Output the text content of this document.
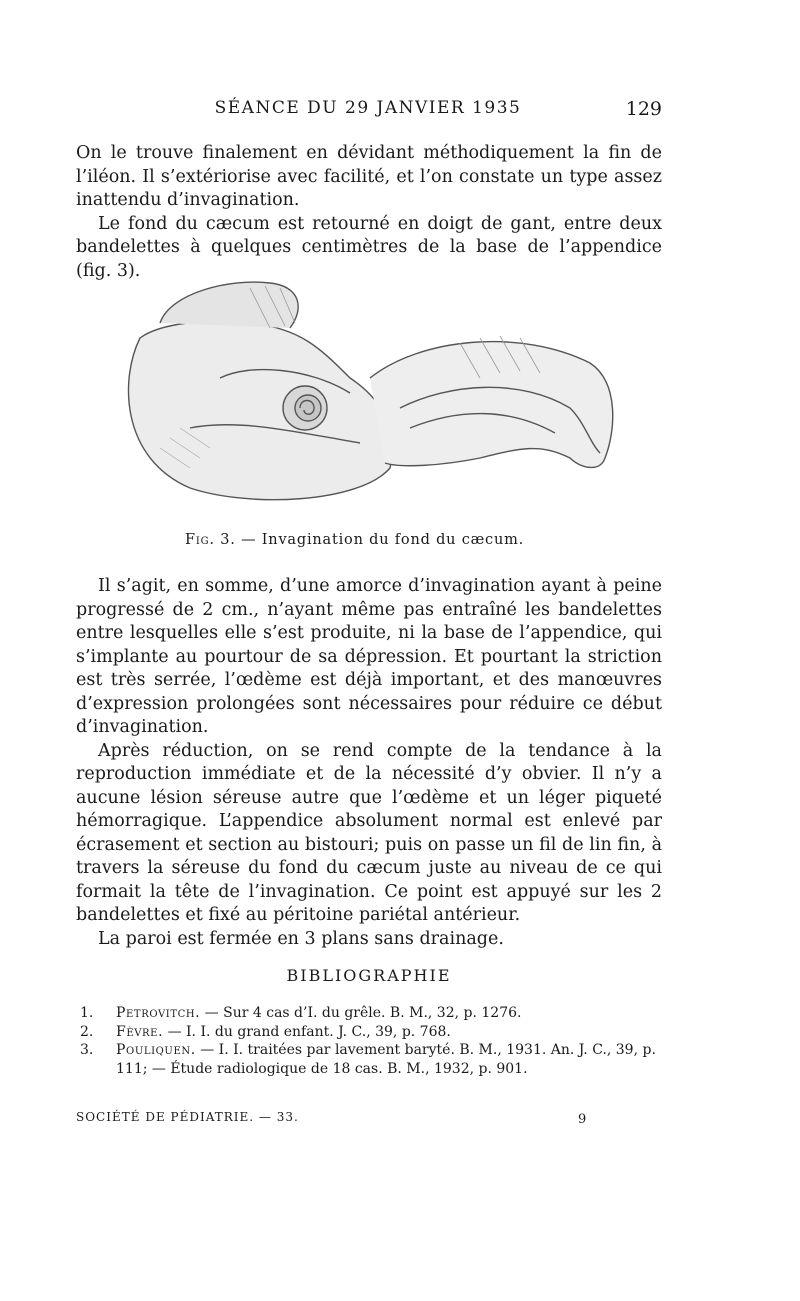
SÉANCE DU 29 JANVIER 1935	129

On le trouve finalement en dévidant méthodiquement la fin de l’iléon. Il s’extériorise avec facilité, et l’on constate un type assez inattendu d’invagination.

Le fond du cæcum est retourné en doigt de gant, entre deux bandelettes à quelques centimètres de la base de l’appendice (fig. 3).

Fig. 3. — Invagination du fond du cæcum.

Il s’agit, en somme, d’une amorce d’invagination ayant à peine progressé de 2 cm., n’ayant même pas entraîné les bandelettes entre lesquelles elle s’est produite, ni la base de l’appendice, qui s’implante au pourtour de sa dépression. Et pourtant la striction est très serrée, l’œdème est déjà important, et des manœuvres d’expression prolongées sont nécessaires pour réduire ce début d’invagination.

Après réduction, on se rend compte de la tendance à la reproduction immédiate et de la nécessité d’y obvier. Il n’y a aucune lésion séreuse autre que l’œdème et un léger piqueté hémorragique. L’appendice absolument normal est enlevé par écrasement et section au bistouri; puis on passe un fil de lin fin, à travers la séreuse du fond du cæcum juste au niveau de ce qui formait la tête de l’invagination. Ce point est appuyé sur les 2 bandelettes et fixé au péritoine pariétal antérieur.

La paroi est fermée en 3 plans sans drainage.

BIBLIOGRAPHIE
1. Petrovitch. — Sur 4 cas d’I. du grêle. B. M., 32, p. 1276.
2. Fèvre. — I. I. du grand enfant. J. C., 39, p. 768.
3. Pouliquen. — I. I. traitées par lavement baryté. B. M., 1931. An. J. C., 39, p. 111; — Étude radiologique de 18 cas. B. M., 1932, p. 901.
SOCIÉTÉ DE PÉDIATRIE. — 33.	9
